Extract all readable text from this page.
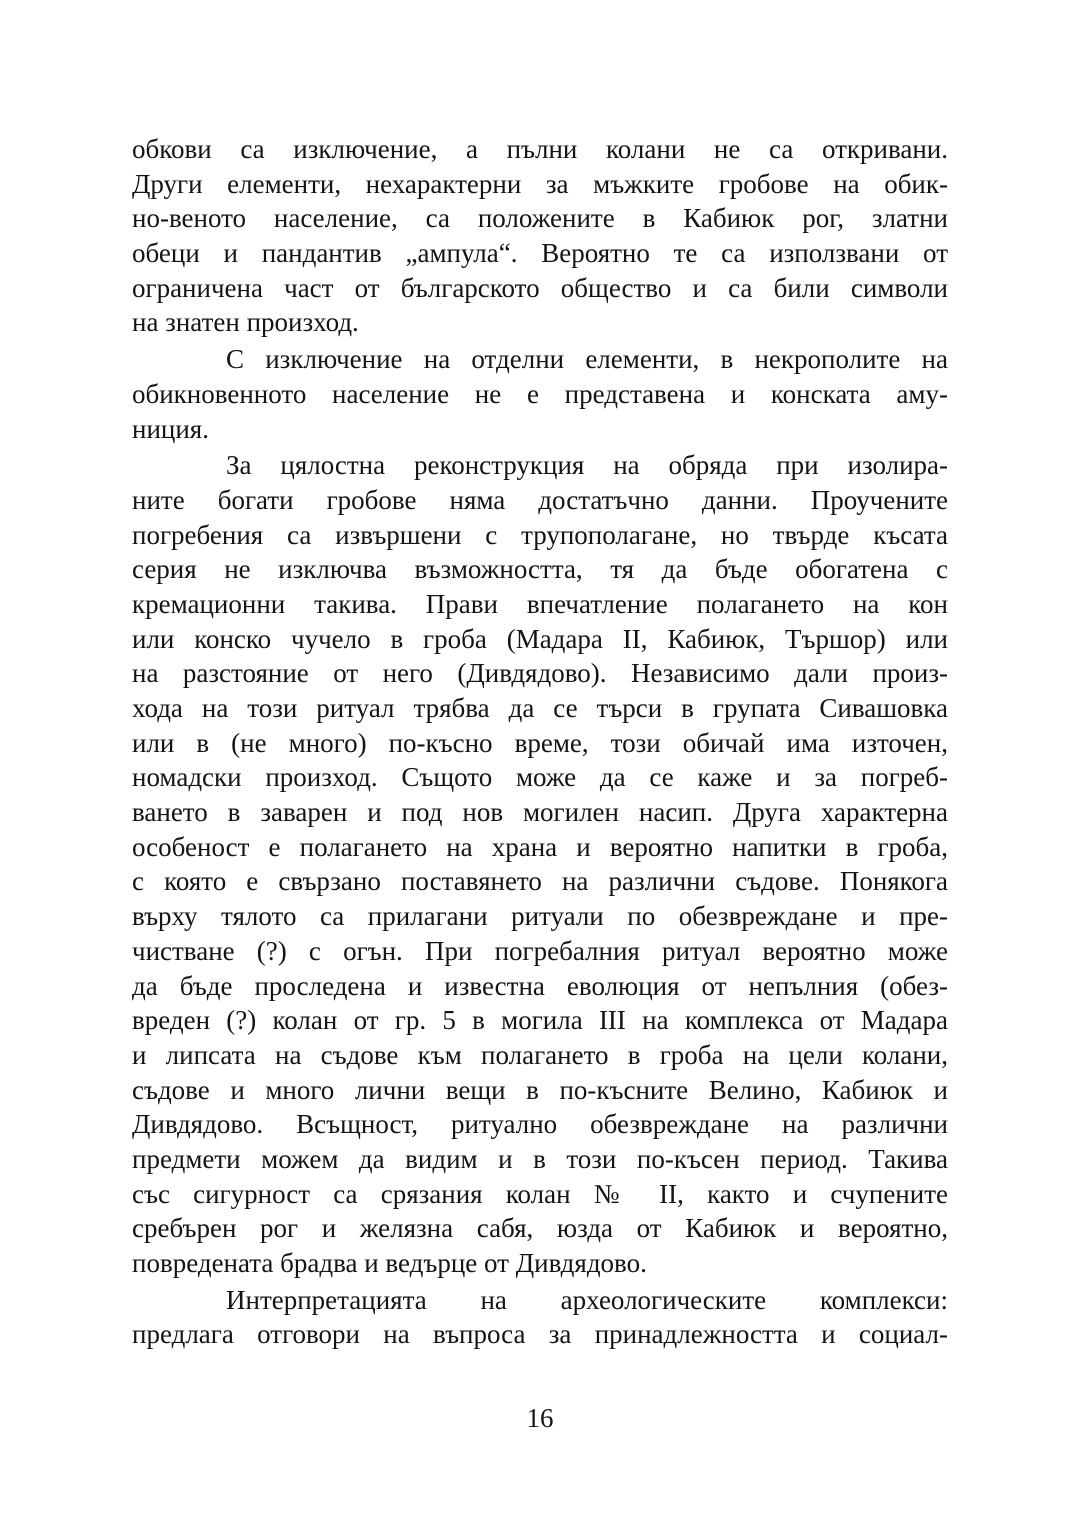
обкови са изключение, а пълни колани не са откривани.
Други елементи, нехарактерни за мъжките гробове на обик-
но-веното население, са положените в Кабиюк рог, златни
обеци и пандантив „ампула“. Вероятно те са използвани от
ограничена част от българското общество и са били символи
на знатен произход.
С изключение на отделни елементи, в некрополите на
обикновенното население не е представена и конската аму-
ниция.
За цялостна реконструкция на обряда при изолира-
ните богати гробове няма достатъчно данни. Проучените
погребения са извършени с трупополагане, но твърде късата
серия не изключва възможността, тя да бъде обогатена с
кремационни такива. Прави впечатление полагането на кон
или конско чучело в гроба (Мадара II, Кабиюк, Тършор) или
на разстояние от него (Дивдядово). Независимо дали произ-
хода на този ритуал трябва да се търси в групата Сивашовка
или в (не много) по-късно време, този обичай има източен,
номадски произход. Същото може да се каже и за погреб-
ването в заварен и под нов могилен насип. Друга характерна
особеност е полагането на храна и вероятно напитки в гроба,
с която е свързано поставянето на различни съдове. Понякога
върху тялото са прилагани ритуали по обезвреждане и пре-
чистване (?) с огън. При погребалния ритуал вероятно може
да бъде проследена и известна еволюция от непълния (обез-
вреден (?) колан от гр. 5 в могила III на комплекса от Мадара
и липсата на съдове към полагането в гроба на цели колани,
съдове и много лични вещи в по-късните Велино, Кабиюк и
Дивдядово. Всъщност, ритуално обезвреждане на различни
предмети можем да видим и в този по-късен период. Такива
със сигурност са срязания колан № II, както и счупените
сребърен рог и желязна сабя, юзда от Кабиюк и вероятно,
повредената брадва и ведърце от Дивдядово.
Интерпретацията на археологическите комплекси:
предлага отговори на въпроса за принадлежността и социал-
16
